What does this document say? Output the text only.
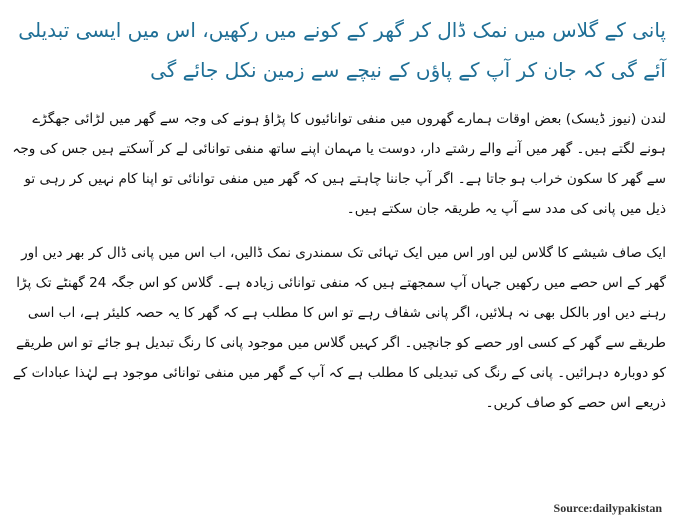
پانی کے گلاس میں نمک ڈال کر گھر کے کونے میں رکھیں، اس میں ایسی تبدیلی آئے گی کہ جان کر آپ کے پاؤں کے نیچے سے زمین نکل جائے گی

لندن (نیوز ڈیسک) بعض اوقات ہمارے گھروں میں منفی توانائیوں کا پڑاؤ ہونے کی وجہ سے گھر میں لڑائی جھگڑے ہونے لگتے ہیں۔ گھر میں آنے والے رشتے دار، دوست یا مہمان اپنے ساتھ منفی توانائی لے کر آسکتے ہیں جس کی وجہ سے گھر کا سکون خراب ہو جاتا ہے۔ اگر آپ جاننا چاہتے ہیں کہ گھر میں منفی توانائی تو اپنا کام نہیں کر رہی تو ذیل میں پانی کی مدد سے آپ یہ طریقہ جان سکتے ہیں۔

ایک صاف شیشے کا گلاس لیں اور اس میں ایک تہائی تک سمندری نمک ڈالیں، اب اس میں پانی ڈال کر بھر دیں اور گھر کے اس حصے میں رکھیں جہاں آپ سمجھتے ہیں کہ منفی توانائی زیادہ ہے۔ گلاس کو اس جگہ 24 گھنٹے تک پڑا رہنے دیں اور بالکل بھی نہ ہلائیں، اگر پانی شفاف رہے تو اس کا مطلب ہے کہ گھر کا یہ حصہ کلیئر ہے، اب اسی طریقے سے گھر کے کسی اور حصے کو جانچیں۔ اگر کہیں گلاس میں موجود پانی کا رنگ تبدیل ہو جائے تو اس طریقے کو دوبارہ دہرائیں۔ پانی کے رنگ کی تبدیلی کا مطلب ہے کہ آپ کے گھر میں منفی توانائی موجود ہے لہٰذا عبادات کے ذریعے اس حصے کو صاف کریں۔

Source:dailypakistan
